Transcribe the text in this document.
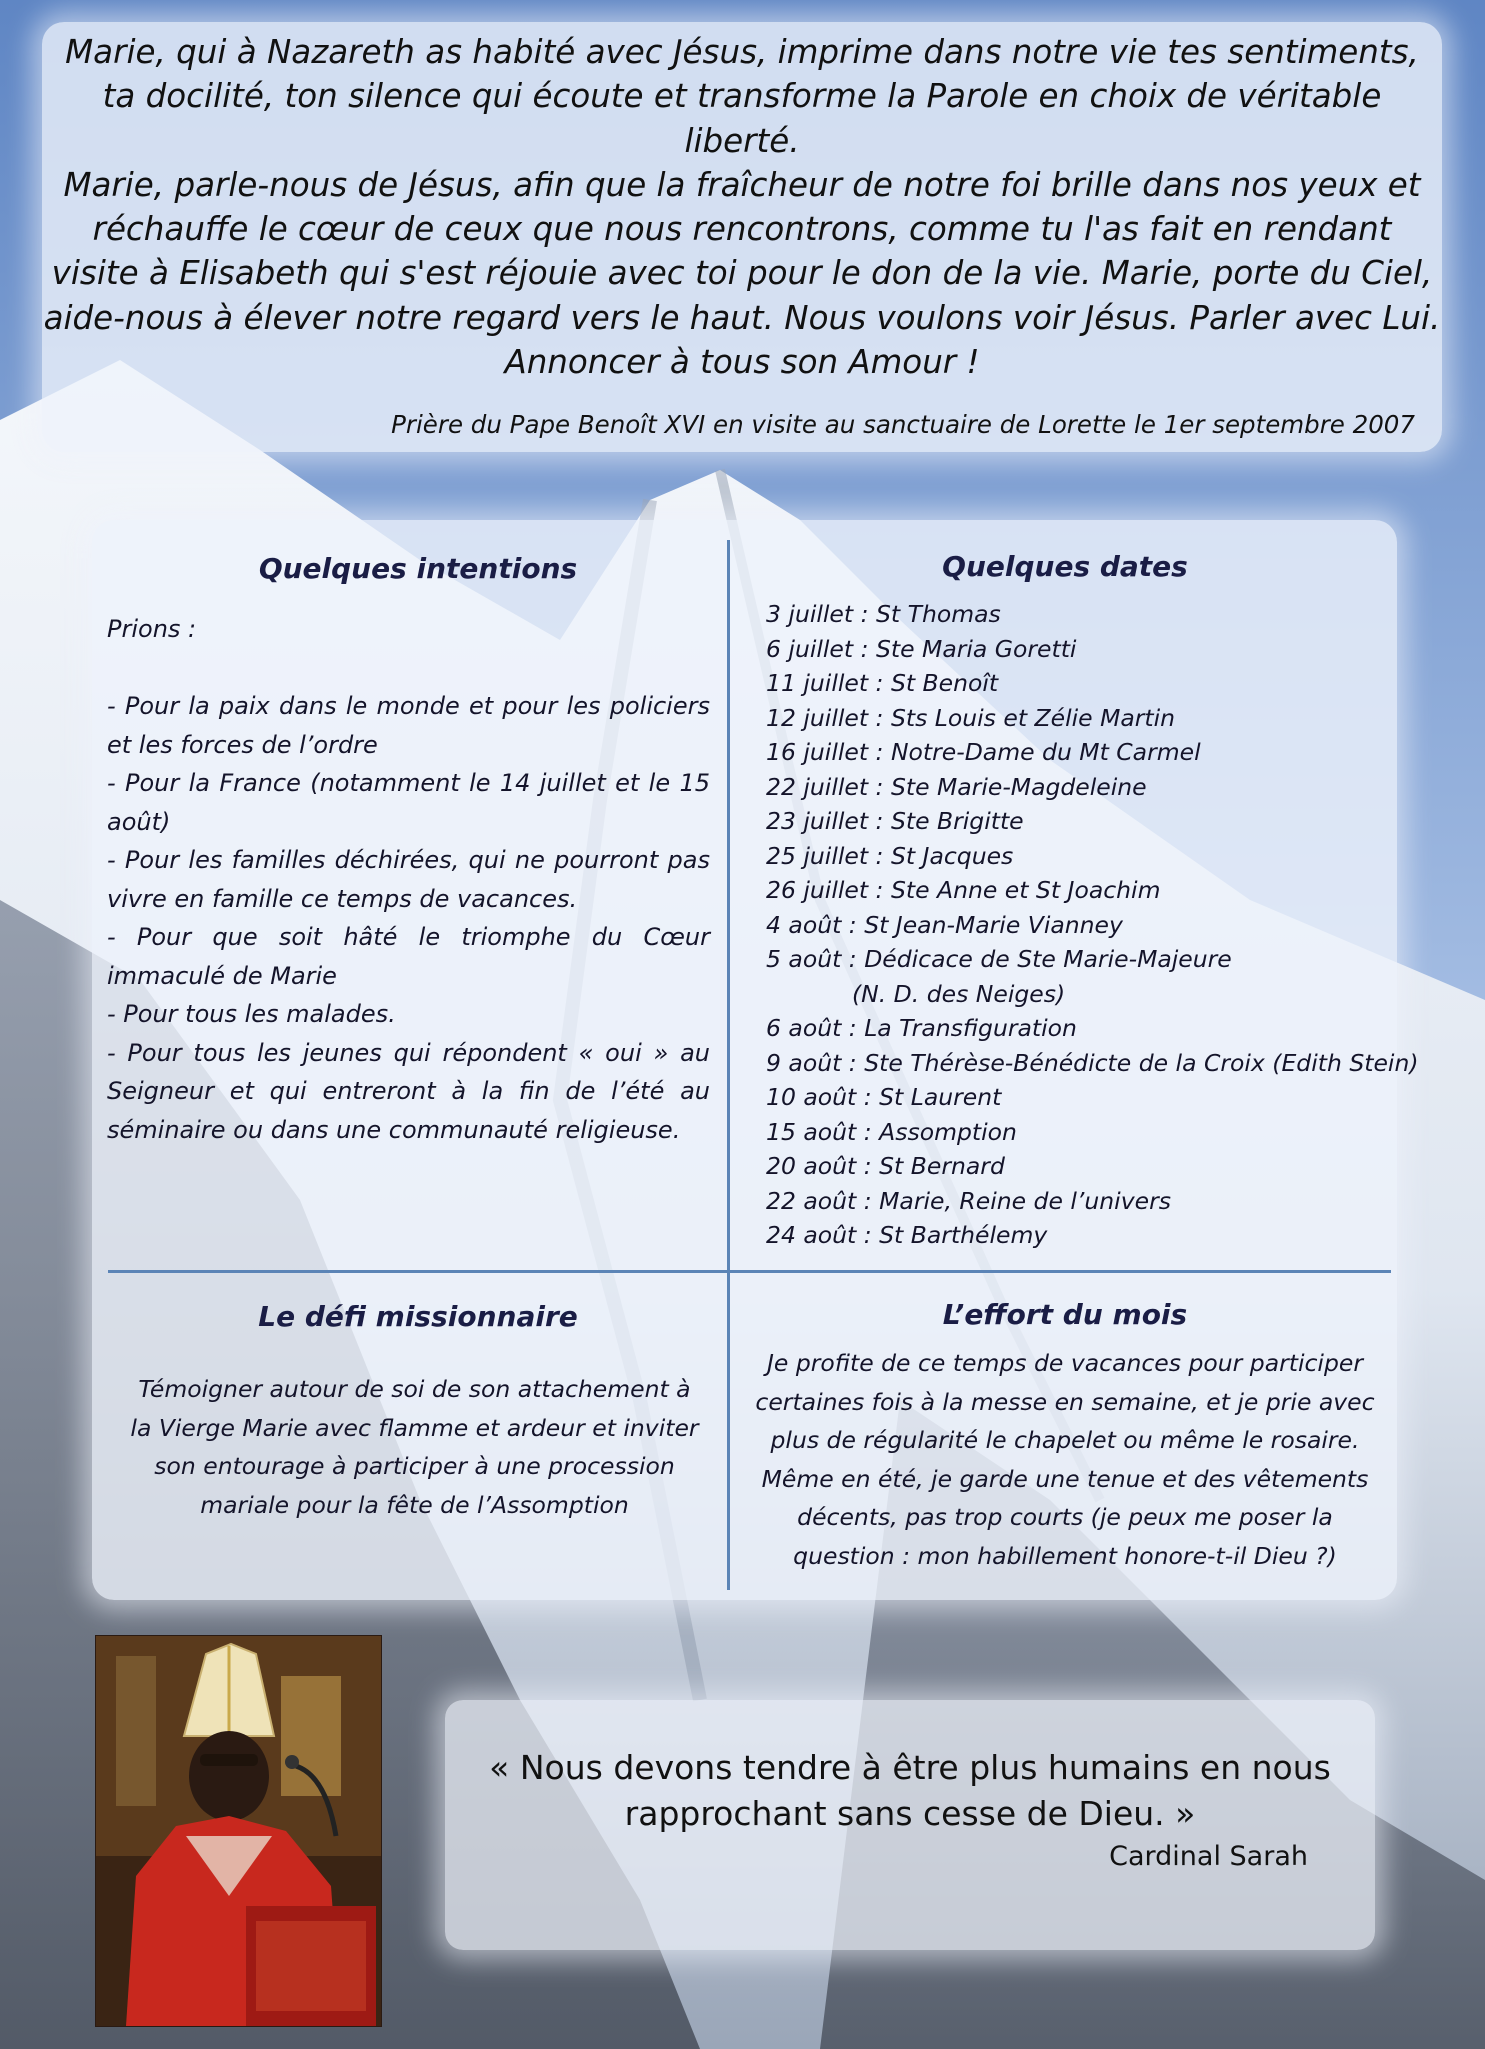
Marie, qui à Nazareth as habité avec Jésus, imprime dans notre vie tes sentiments,
ta docilité, ton silence qui écoute et transforme la Parole en choix de véritable liberté.
Marie, parle-nous de Jésus, afin que la fraîcheur de notre foi brille dans nos yeux et
réchauffe le cœur de ceux que nous rencontrons, comme tu l'as fait en rendant
visite à Elisabeth qui s'est réjouie avec toi pour le don de la vie. Marie, porte du Ciel,
aide-nous à élever notre regard vers le haut. Nous voulons voir Jésus. Parler avec Lui.
Annoncer à tous son Amour !

Prière du Pape Benoît XVI en visite au sanctuaire de Lorette le 1er septembre 2007

Quelques intentions

Prions :

- Pour la paix dans le monde et pour les policiers et les forces de l’ordre

- Pour la France (notamment le 14 juillet et le 15 août)

- Pour les familles déchirées, qui ne pourront pas vivre en famille ce temps de vacances.

- Pour que soit hâté le triomphe du Cœur immaculé de Marie

- Pour tous les malades.

- Pour tous les jeunes qui répondent « oui » au Seigneur et qui entreront à la fin de l’été au séminaire ou dans une communauté religieuse.

Quelques dates
3 juillet : St Thomas
6 juillet : Ste Maria Goretti
11 juillet : St Benoît
12 juillet : Sts Louis et Zélie Martin
16 juillet : Notre-Dame du Mt Carmel
22 juillet : Ste Marie-Magdeleine
23 juillet : Ste Brigitte
25 juillet : St Jacques
26 juillet : Ste Anne et St Joachim
4 août : St Jean-Marie Vianney
5 août : Dédicace de Ste Marie-Majeure
(N. D. des Neiges)
6 août : La Transfiguration
9 août : Ste Thérèse-Bénédicte de la Croix (Edith Stein)
10 août : St Laurent
15 août : Assomption
20 août : St Bernard
22 août : Marie, Reine de l’univers
24 août : St Barthélemy
Le défi missionnaire
Témoigner autour de soi de son attachement à
la Vierge Marie avec flamme et ardeur et inviter
son entourage à participer à une procession
mariale pour la fête de l’Assomption
L’effort du mois
Je profite de ce temps de vacances pour participer
certaines fois à la messe en semaine, et je prie avec
plus de régularité le chapelet ou même le rosaire.
Même en été, je garde une tenue et des vêtements
décents, pas trop courts (je peux me poser la
question : mon habillement honore-t-il Dieu ?)
« Nous devons tendre à être plus humains en nous
rapprochant sans cesse de Dieu. »

Cardinal Sarah
